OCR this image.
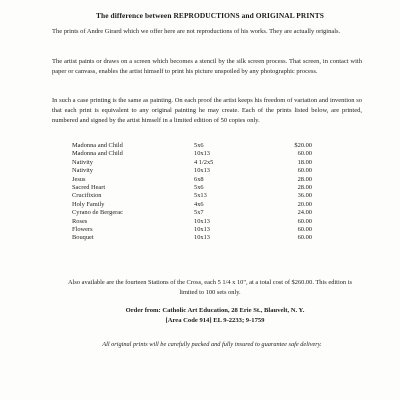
The difference between REPRODUCTIONS and ORIGINAL PRINTS
The prints of Andre Girard which we offer here are not reproductions of his works. They are actually originals.
The artist paints or draws on a screen which becomes a stencil by the silk screen process. That screen, in contact with paper or canvass, enables the artist himself to print his picture unspoiled by any photographic process.
In such a case printing is the same as painting. On each proof the artist keeps his freedom of variation and invention so that each print is equivalent to any original painting he may create. Each of the prints listed below, are printed, numbered and signed by the artist himself in a limited edition of 50 copies only.
Madonna and Child	5x6	$20.00
Madonna and Child	10x13	60.00
Nativity	4 1/2x5	18.00
Nativity	10x13	60.00
Jesus	6x8	28.00
Sacred Heart	5x6	28.00
Crucifixion	5x13	36.00
Holy Family	4x6	20.00
Cyrano de Bergerac	5x7	24.00
Roses	10x13	60.00
Flowers	10x13	60.00
Bouquet	10x13	60.00
Also available are the fourteen Stations of the Cross, each 5 1/4 x 10", at a total cost of $260.00. This edition is limited to 100 sets only.
Order from: Catholic Art Education, 28 Erie St., Blauvelt, N. Y.
[Area Code 914] EL 9-2233; 9-1759
All original prints will be carefully packed and fully insured to guarantee safe delivery.
